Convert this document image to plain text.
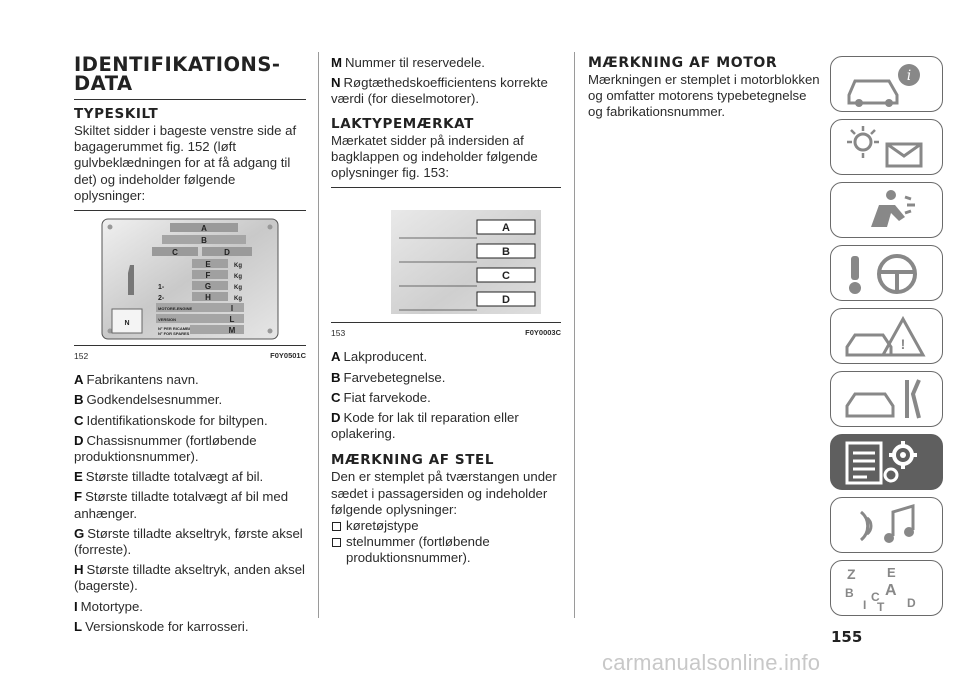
IDENTIFIKATIONS-
DATA
TYPESKILT

Skiltet sidder i bageste venstre side af bagagerummet fig. 152 (løft gulvbeklædningen for at få adgang til det) og indeholder følgende oplysninger:

A
B
C	D
E
F
G
H
I
L
M
N
Kg
Kg
Kg
Kg
1-
2-
MOTORE-ENGINE
VERSION
N° PER RICAMBI
N° FOR SPARES
152	F0Y0501C

A Fabrikantens navn.

B Godkendelsesnummer.

C Identifikationskode for biltypen.

D Chassisnummer (fortløbende produktionsnummer).

E Største tilladte totalvægt af bil.

F Største tilladte totalvægt af bil med anhænger.

G Største tilladte akseltryk, første aksel (forreste).

H Største tilladte akseltryk, anden aksel (bagerste).

I Motortype.

L Versionskode for karrosseri.

M Nummer til reservedele.

N Røgtæthedskoefficientens korrekte værdi (for dieselmotorer).

LAKTYPEMÆRKAT

Mærkatet sidder på indersiden af bagklappen og indeholder følgende oplysninger fig. 153:

A
B
C
D
153	F0Y0003C

A Lakproducent.

B Farvebetegnelse.

C Fiat farvekode.

D Kode for lak til reparation eller oplakering.

MÆRKNING AF STEL

Den er stemplet på tværstangen under sædet i passagersiden og indeholder følgende oplysninger:

køretøjstype
stelnummer (fortløbende produktionsnummer).
MÆRKNING AF MOTOR

Mærkningen er stemplet i motorblokken og omfatter motorens typebetegnelse og fabrikationsnummer.

i
!
Z E
B A
I
C
T D
155
carmanualsonline.info
